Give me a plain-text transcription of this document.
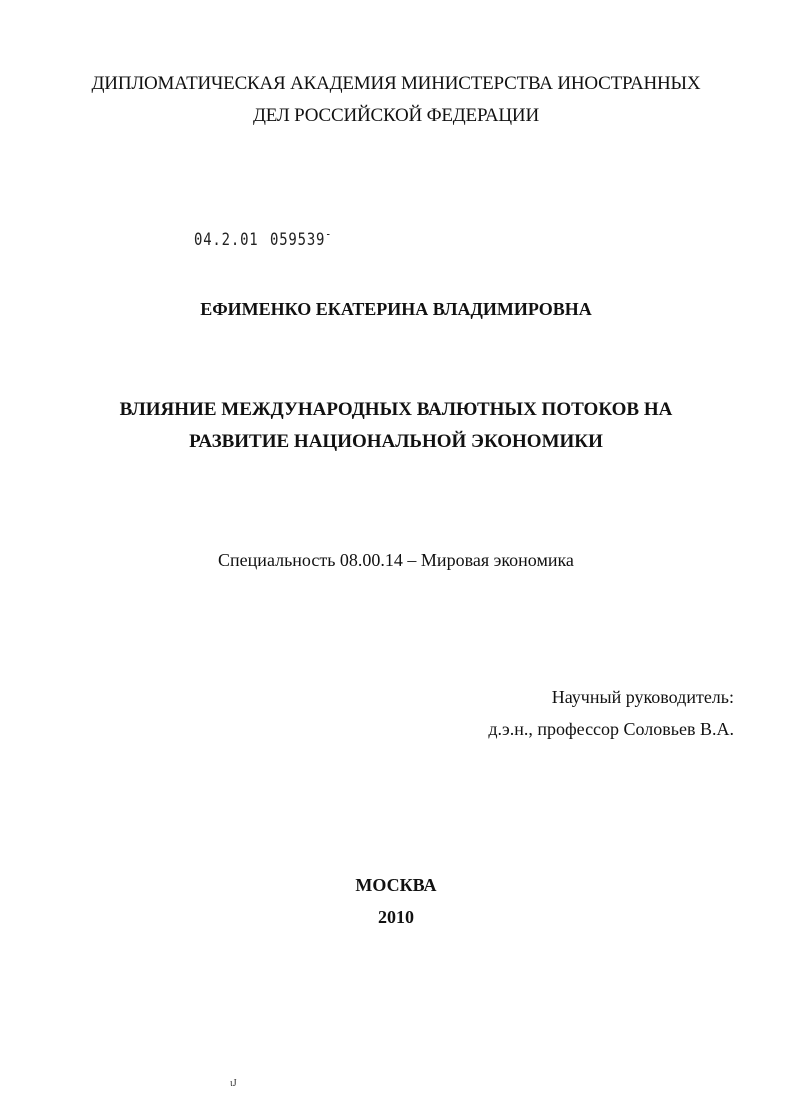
ДИПЛОМАТИЧЕСКАЯ АКАДЕМИЯ МИНИСТЕРСТВА ИНОСТРАННЫХ
ДЕЛ РОССИЙСКОЙ ФЕДЕРАЦИИ
04.2.01 059539-
ЕФИМЕНКО ЕКАТЕРИНА ВЛАДИМИРОВНА
ВЛИЯНИЕ МЕЖДУНАРОДНЫХ ВАЛЮТНЫХ ПОТОКОВ НА
РАЗВИТИЕ НАЦИОНАЛЬНОЙ ЭКОНОМИКИ
Специальность 08.00.14 – Мировая экономика
Научный руководитель:
д.э.н., профессор Соловьев В.А.
МОСКВА
2010
ιJ
